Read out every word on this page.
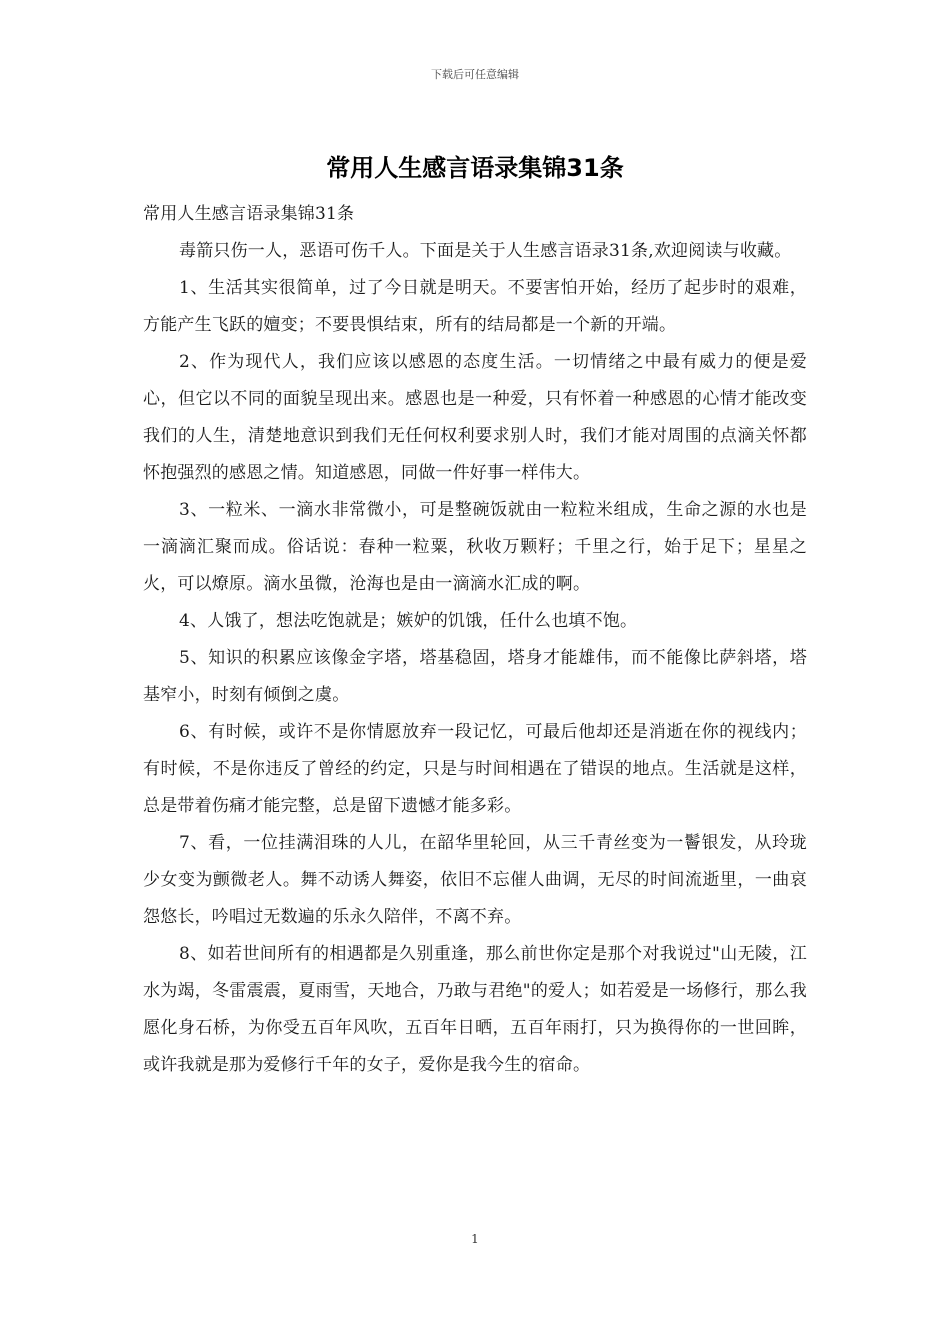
下载后可任意编辑
常用人生感言语录集锦31条

常用人生感言语录集锦31条

毒箭只伤一人，恶语可伤千人。下面是关于人生感言语录31条,欢迎阅读与收藏。

1、生活其实很简单，过了今日就是明天。不要害怕开始，经历了起步时的艰难，方能产生飞跃的嬗变；不要畏惧结束，所有的结局都是一个新的开端。

2、作为现代人，我们应该以感恩的态度生活。一切情绪之中最有威力的便是爱心，但它以不同的面貌呈现出来。感恩也是一种爱，只有怀着一种感恩的心情才能改变我们的人生，清楚地意识到我们无任何权利要求别人时，我们才能对周围的点滴关怀都怀抱强烈的感恩之情。知道感恩，同做一件好事一样伟大。

3、一粒米、一滴水非常微小，可是整碗饭就由一粒粒米组成，生命之源的水也是一滴滴汇聚而成。俗话说：春种一粒粟，秋收万颗籽；千里之行，始于足下；星星之火，可以燎原。滴水虽微，沧海也是由一滴滴水汇成的啊。

4、人饿了，想法吃饱就是；嫉妒的饥饿，任什么也填不饱。

5、知识的积累应该像金字塔，塔基稳固，塔身才能雄伟，而不能像比萨斜塔，塔基窄小，时刻有倾倒之虞。

6、有时候，或许不是你情愿放弃一段记忆，可最后他却还是消逝在你的视线内；有时候，不是你违反了曾经的约定，只是与时间相遇在了错误的地点。生活就是这样，总是带着伤痛才能完整，总是留下遗憾才能多彩。

7、看，一位挂满泪珠的人儿，在韶华里轮回，从三千青丝变为一鬠银发，从玲珑少女变为颤微老人。舞不动诱人舞姿，依旧不忘催人曲调，无尽的时间流逝里，一曲哀怨悠长，吟唱过无数遍的乐永久陪伴，不离不弃。

8、如若世间所有的相遇都是久别重逢，那么前世你定是那个对我说过"山无陵，江水为竭，冬雷震震，夏雨雪，天地合，乃敢与君绝"的爱人；如若爱是一场修行，那么我愿化身石桥，为你受五百年风吹，五百年日晒，五百年雨打，只为换得你的一世回眸，或许我就是那为爱修行千年的女子，爱你是我今生的宿命。

1
